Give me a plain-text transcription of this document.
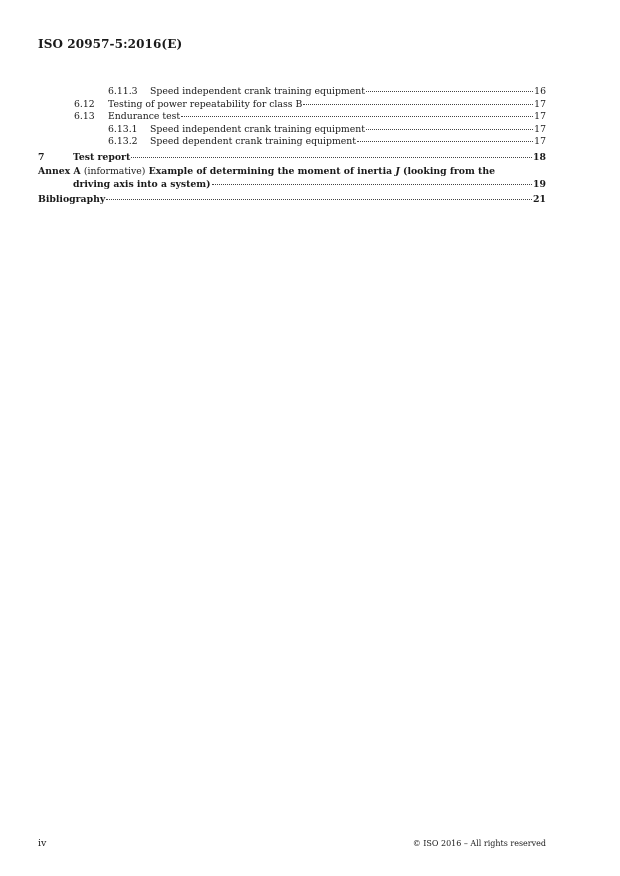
ISO 20957-5:2016(E)
6.11.3	Speed independent crank training equipment	16
6.12	Testing of power repeatability for class B	17
6.13	Endurance test	17
6.13.1	Speed independent crank training equipment	17
6.13.2	Speed dependent crank training equipment	17
7	Test report	18
Annex A (informative) Example of determining the moment of inertia J (looking from the
driving axis into a system)	19
Bibliography	21
iv	© ISO 2016 – All rights reserved
